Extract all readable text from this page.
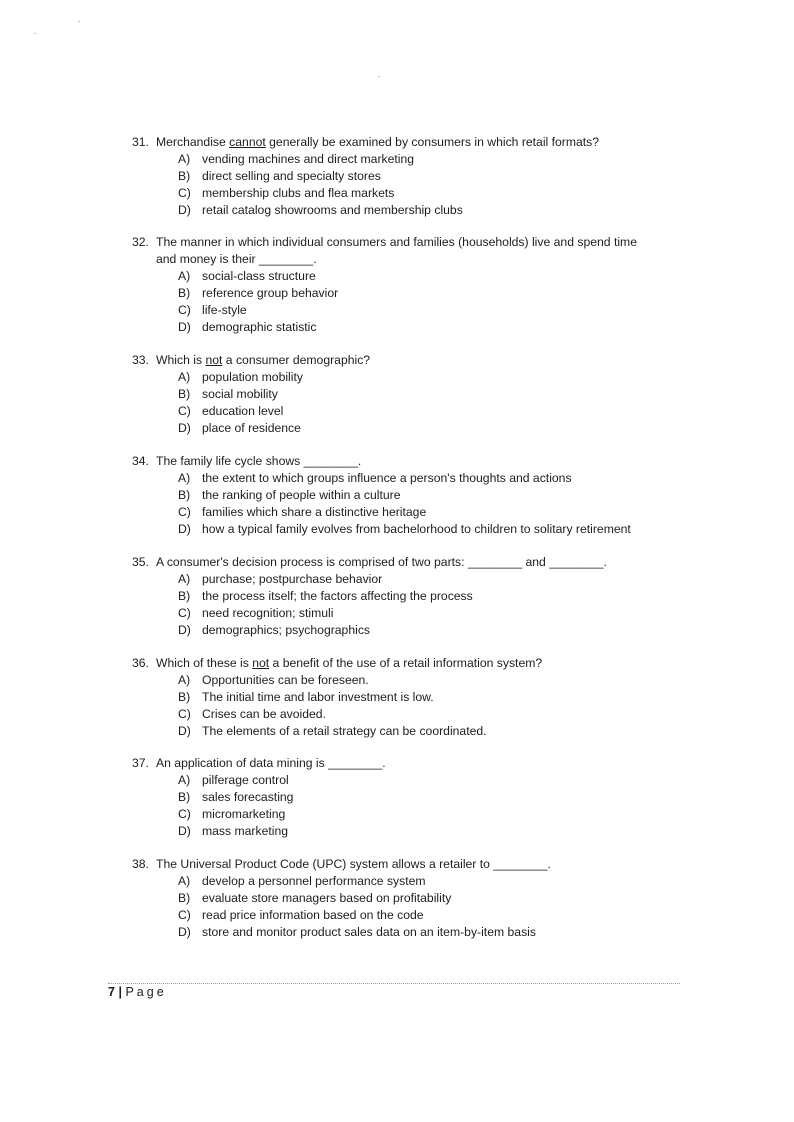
31. Merchandise cannot generally be examined by consumers in which retail formats?
A) vending machines and direct marketing
B) direct selling and specialty stores
C) membership clubs and flea markets
D) retail catalog showrooms and membership clubs
32. The manner in which individual consumers and families (households) live and spend time
and money is their ________.
A) social-class structure
B) reference group behavior
C) life-style
D) demographic statistic
33. Which is not a consumer demographic?
A) population mobility
B) social mobility
C) education level
D) place of residence
34. The family life cycle shows ________.
A) the extent to which groups influence a person's thoughts and actions
B) the ranking of people within a culture
C) families which share a distinctive heritage
D) how a typical family evolves from bachelorhood to children to solitary retirement
35. A consumer's decision process is comprised of two parts: ________ and ________.
A) purchase; postpurchase behavior
B) the process itself; the factors affecting the process
C) need recognition; stimuli
D) demographics; psychographics
36. Which of these is not a benefit of the use of a retail information system?
A) Opportunities can be foreseen.
B) The initial time and labor investment is low.
C) Crises can be avoided.
D) The elements of a retail strategy can be coordinated.
37. An application of data mining is ________.
A) pilferage control
B) sales forecasting
C) micromarketing
D) mass marketing
38. The Universal Product Code (UPC) system allows a retailer to ________.
A) develop a personnel performance system
B) evaluate store managers based on profitability
C) read price information based on the code
D) store and monitor product sales data on an item-by-item basis
7 | Page
